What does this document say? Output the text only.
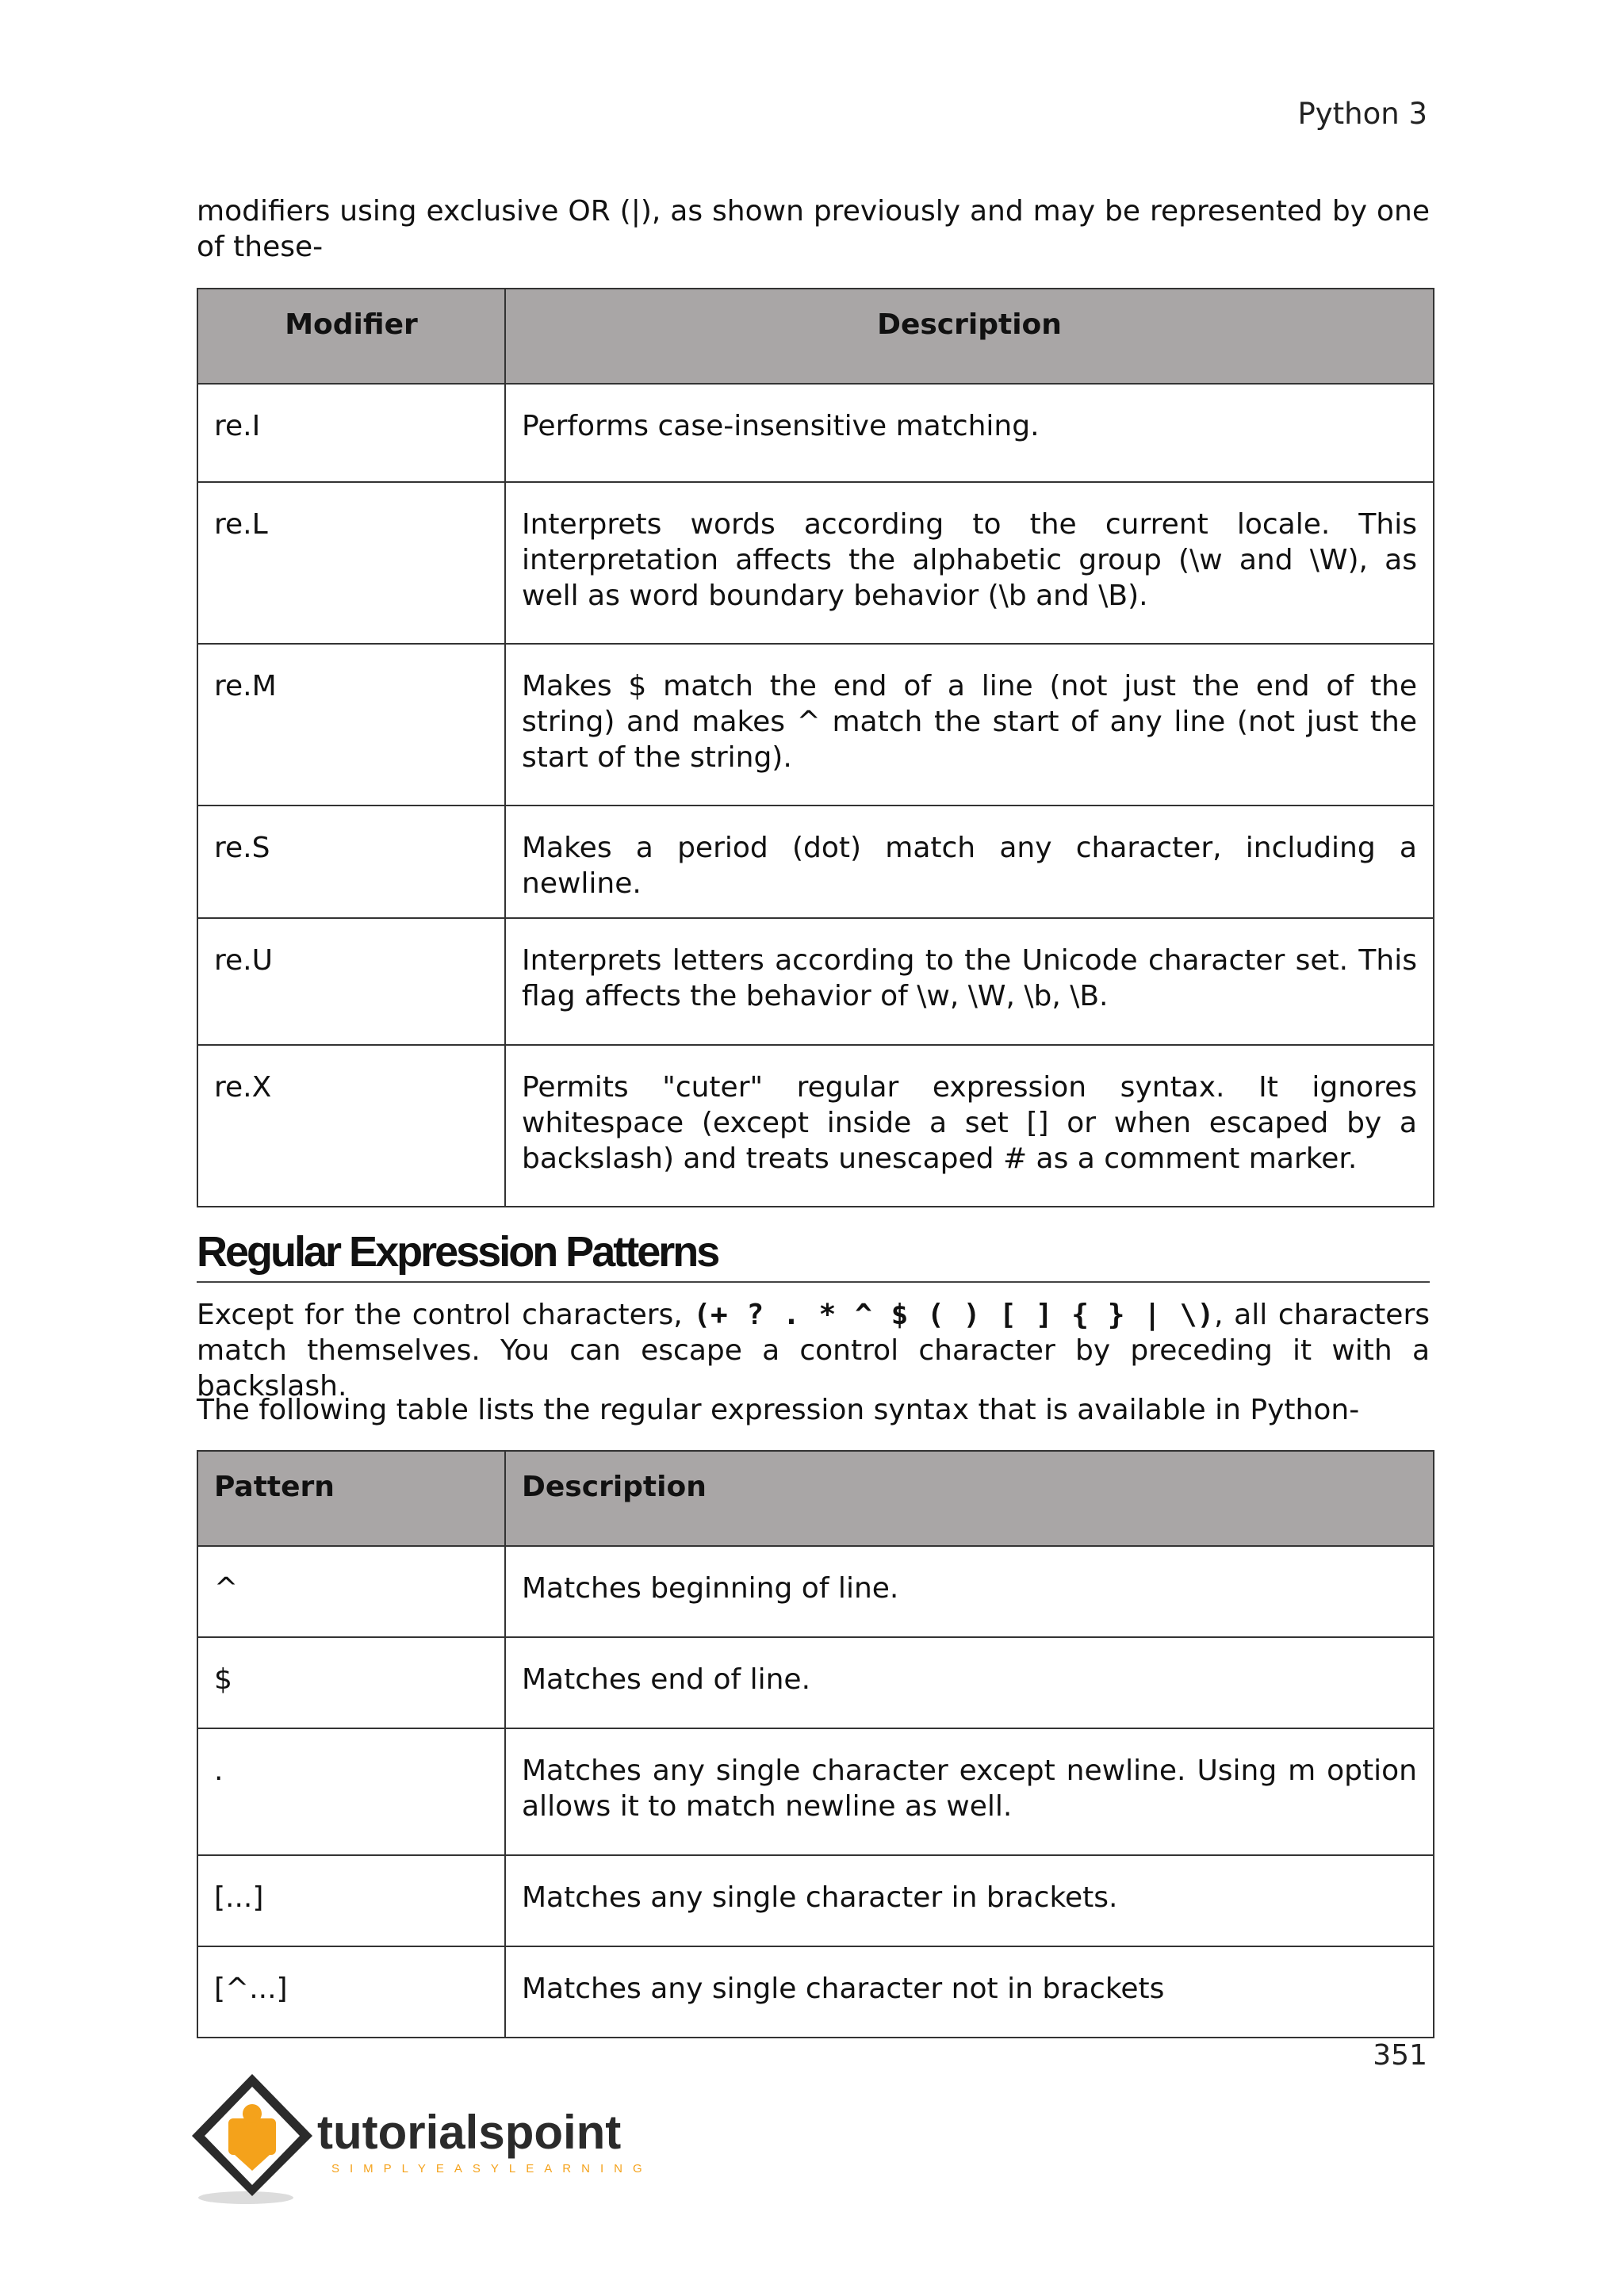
Python 3
modifiers using exclusive OR (|), as shown previously and may be represented by one of these-
Modifier	Description
re.I	Performs case-insensitive matching.
re.L	Interprets words according to the current locale. This interpretation affects the alphabetic group (\w and \W), as well as word boundary behavior (\b and \B).
re.M	Makes $ match the end of a line (not just the end of the string) and makes ^ match the start of any line (not just the start of the string).
re.S	Makes a period (dot) match any character, including a newline.
re.U	Interprets letters according to the Unicode character set. This flag affects the behavior of \w, \W, \b, \B.
re.X	Permits "cuter" regular expression syntax. It ignores whitespace (except inside a set [] or when escaped by a backslash) and treats unescaped # as a comment marker.
Regular Expression Patterns
Except for the control characters, (+ ? . * ^ $ ( ) [ ] { } | \), all characters match themselves. You can escape a control character by preceding it with a backslash.
The following table lists the regular expression syntax that is available in Python-
Pattern	Description
^	Matches beginning of line.
$	Matches end of line.
.	Matches any single character except newline. Using m option allows it to match newline as well.
[...]	Matches any single character in brackets.
[^...]	Matches any single character not in brackets
351
tutorialspoint
SIMPLYEASYLEARNING
